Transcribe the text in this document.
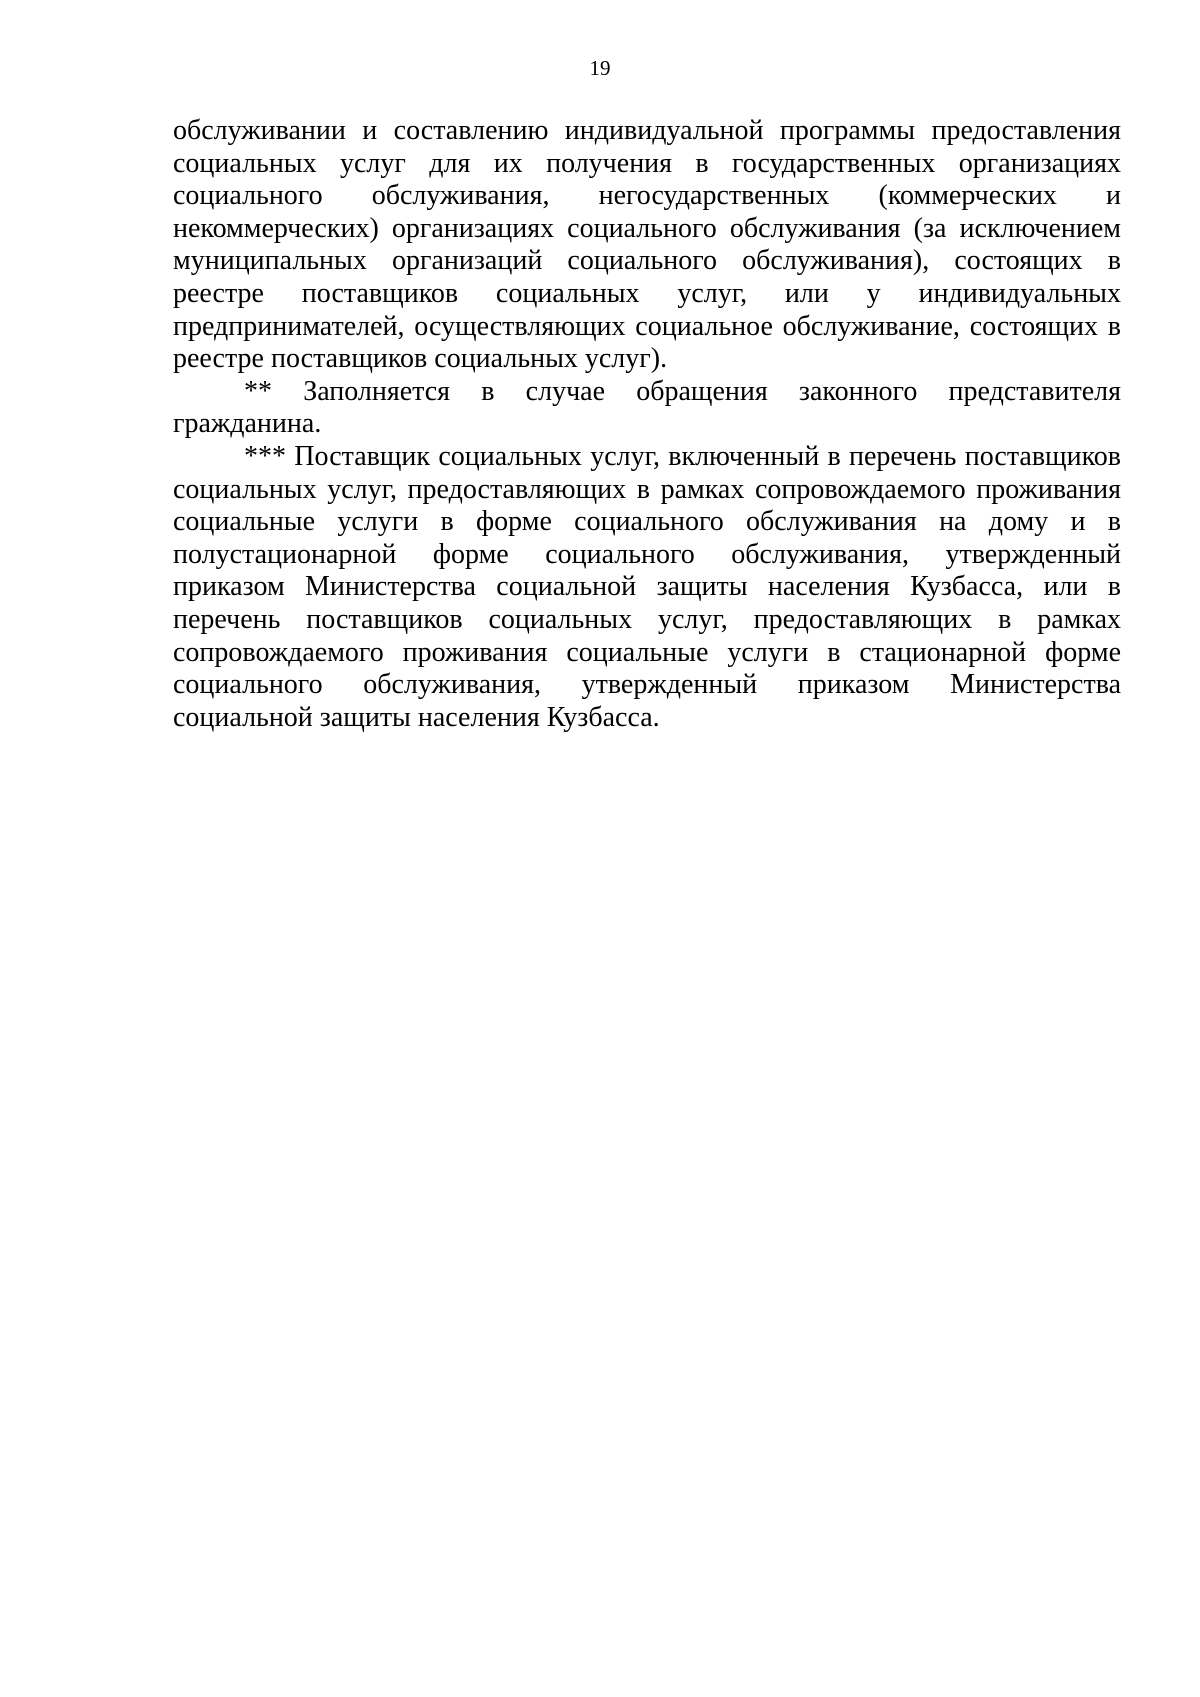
19

обслуживании и составлению индивидуальной программы предоставления социальных услуг для их получения в государственных организациях социального обслуживания, негосударственных (коммерческих и некоммерческих) организациях социального обслуживания (за исключением муниципальных организаций социального обслуживания), состоящих в реестре поставщиков социальных услуг, или у индивидуальных предпринимателей, осуществляющих социальное обслуживание, состоящих в реестре поставщиков социальных услуг).

** Заполняется в случае обращения законного представителя гражданина.

*** Поставщик социальных услуг, включенный в перечень поставщиков социальных услуг, предоставляющих в рамках сопровождаемого проживания социальные услуги в форме социального обслуживания на дому и в полустационарной форме социального обслуживания, утвержденный приказом Министерства социальной защиты населения Кузбасса, или в перечень поставщиков социальных услуг, предоставляющих в рамках сопровождаемого проживания социальные услуги в стационарной форме социального обслуживания, утвержденный приказом Министерства социальной защиты населения Кузбасса.
